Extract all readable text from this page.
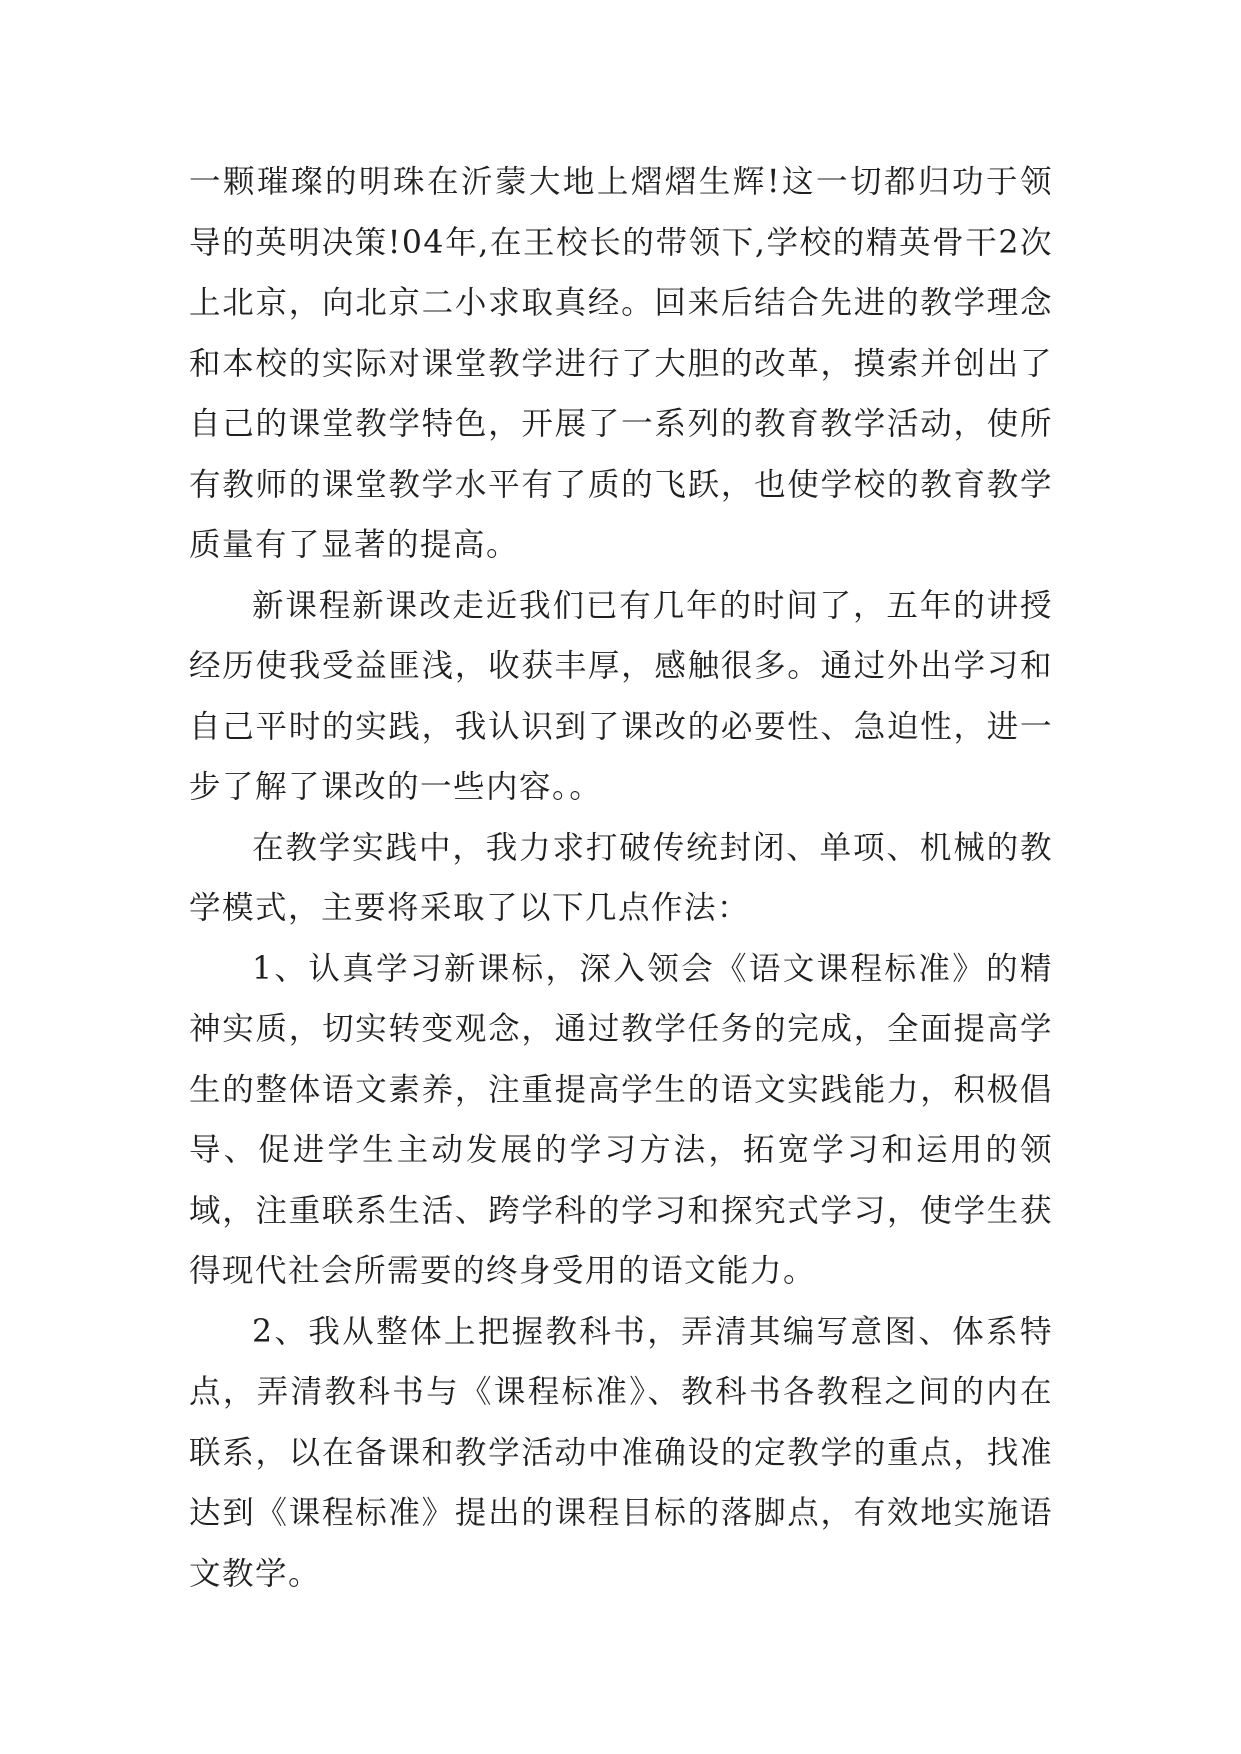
一颗璀璨的明珠在沂蒙大地上熠熠生辉!这一切都归功于领导的英明决策!04年,在王校长的带领下,学校的精英骨干2次上北京，向北京二小求取真经。回来后结合先进的教学理念和本校的实际对课堂教学进行了大胆的改革，摸索并创出了自己的课堂教学特色，开展了一系列的教育教学活动，使所有教师的课堂教学水平有了质的飞跃，也使学校的教育教学质量有了显著的提高。

新课程新课改走近我们已有几年的时间了，五年的讲授经历使我受益匪浅，收获丰厚，感触很多。通过外出学习和自己平时的实践，我认识到了课改的必要性、急迫性，进一步了解了课改的一些内容。。

在教学实践中，我力求打破传统封闭、单项、机械的教学模式，主要将采取了以下几点作法：

1、认真学习新课标，深入领会《语文课程标准》的精神实质，切实转变观念，通过教学任务的完成，全面提高学生的整体语文素养，注重提高学生的语文实践能力，积极倡导、促进学生主动发展的学习方法，拓宽学习和运用的领域，注重联系生活、跨学科的学习和探究式学习，使学生获得现代社会所需要的终身受用的语文能力。

2、我从整体上把握教科书，弄清其编写意图、体系特点，弄清教科书与《课程标准》、教科书各教程之间的内在联系，以在备课和教学活动中准确设的定教学的重点，找准达到《课程标准》提出的课程目标的落脚点，有效地实施语文教学。
